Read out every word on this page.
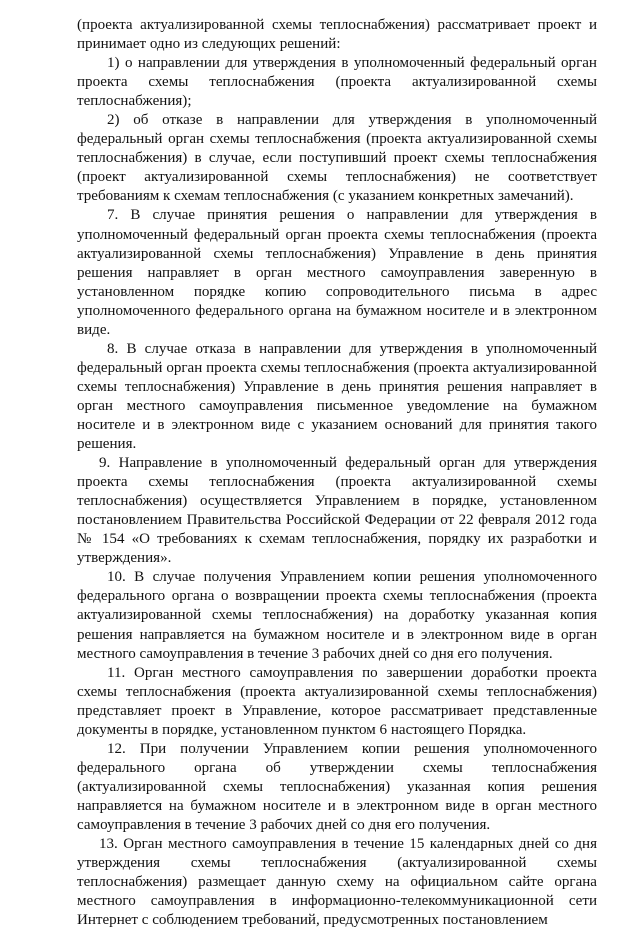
(проекта актуализированной схемы теплоснабжения) рассматривает проект и принимает одно из следующих решений:

1) о направлении для утверждения в уполномоченный федеральный орган проекта схемы теплоснабжения (проекта актуализированной схемы теплоснабжения);

2) об отказе в направлении для утверждения в уполномоченный федеральный орган схемы теплоснабжения (проекта актуализированной схемы теплоснабжения) в случае, если поступивший проект схемы теплоснабжения (проект актуализированной схемы теплоснабжения) не соответствует требованиям к схемам теплоснабжения (с указанием конкретных замечаний).

7. В случае принятия решения о направлении для утверждения в уполномоченный федеральный орган проекта схемы теплоснабжения (проекта актуализированной схемы теплоснабжения) Управление в день принятия решения направляет в орган местного самоуправления заверенную в установленном порядке копию сопроводительного письма в адрес уполномоченного федерального органа на бумажном носителе и в электронном виде.

8. В случае отказа в направлении для утверждения в уполномоченный федеральный орган проекта схемы теплоснабжения (проекта актуализированной схемы теплоснабжения) Управление в день принятия решения направляет в орган местного самоуправления письменное уведомление на бумажном носителе и в электронном виде с указанием оснований для принятия такого решения.

9. Направление в уполномоченный федеральный орган для утверждения проекта схемы теплоснабжения (проекта актуализированной схемы теплоснабжения) осуществляется Управлением в порядке, установленном постановлением Правительства Российской Федерации от 22 февраля 2012 года № 154 «О требованиях к схемам теплоснабжения, порядку их разработки и утверждения».

10. В случае получения Управлением копии решения уполномоченного федерального органа о возвращении проекта схемы теплоснабжения (проекта актуализированной схемы теплоснабжения) на доработку указанная копия решения направляется на бумажном носителе и в электронном виде в орган местного самоуправления в течение 3 рабочих дней со дня его получения.

11. Орган местного самоуправления по завершении доработки проекта схемы теплоснабжения (проекта актуализированной схемы теплоснабжения) представляет проект в Управление, которое рассматривает представленные документы в порядке, установленном пунктом 6 настоящего Порядка.

12. При получении Управлением копии решения уполномоченного федерального органа об утверждении схемы теплоснабжения (актуализированной схемы теплоснабжения) указанная копия решения направляется на бумажном носителе и в электронном виде в орган местного самоуправления в течение 3 рабочих дней со дня его получения.

13. Орган местного самоуправления в течение 15 календарных дней со дня утверждения схемы теплоснабжения (актуализированной схемы теплоснабжения) размещает данную схему на официальном сайте органа местного самоуправления в информационно-телекоммуникационной сети Интернет с соблюдением требований, предусмотренных постановлением
